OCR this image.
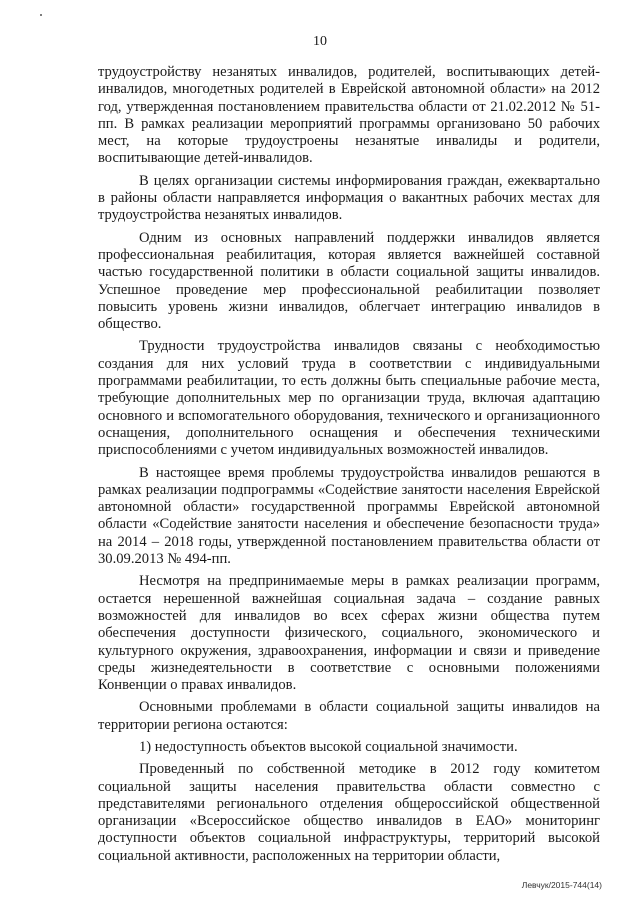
10

трудоустройству незанятых инвалидов, родителей, воспитывающих детей-инвалидов, многодетных родителей в Еврейской автономной области» на 2012 год, утвержденная постановлением правительства области от 21.02.2012 № 51-пп. В рамках реализации мероприятий программы организовано 50 рабочих мест, на которые трудоустроены незанятые инвалиды и родители, воспитывающие детей-инвалидов.

В целях организации системы информирования граждан, ежеквартально в районы области направляется информация о вакантных рабочих местах для трудоустройства незанятых инвалидов.

Одним из основных направлений поддержки инвалидов является профессиональная реабилитация, которая является важнейшей составной частью государственной политики в области социальной защиты инвалидов. Успешное проведение мер профессиональной реабилитации позволяет повысить уровень жизни инвалидов, облегчает интеграцию инвалидов в общество.

Трудности трудоустройства инвалидов связаны с необходимостью создания для них условий труда в соответствии с индивидуальными программами реабилитации, то есть должны быть специальные рабочие места, требующие дополнительных мер по организации труда, включая адаптацию основного и вспомогательного оборудования, технического и организационного оснащения, дополнительного оснащения и обеспечения техническими приспособлениями с учетом индивидуальных возможностей инвалидов.

В настоящее время проблемы трудоустройства инвалидов решаются в рамках реализации подпрограммы «Содействие занятости населения Еврейской автономной области» государственной программы Еврейской автономной области «Содействие занятости населения и обеспечение безопасности труда» на 2014 – 2018 годы, утвержденной постановлением правительства области от 30.09.2013 № 494-пп.

Несмотря на предпринимаемые меры в рамках реализации программ, остается нерешенной важнейшая социальная задача – создание равных возможностей для инвалидов во всех сферах жизни общества путем обеспечения доступности физического, социального, экономического и культурного окружения, здравоохранения, информации и связи и приведение среды жизнедеятельности в соответствие с основными положениями Конвенции о правах инвалидов.

Основными проблемами в области социальной защиты инвалидов на территории региона остаются:

1) недоступность объектов высокой социальной значимости.

Проведенный по собственной методике в 2012 году комитетом социальной защиты населения правительства области совместно с представителями регионального отделения общероссийской общественной организации «Всероссийское общество инвалидов в ЕАО» мониторинг доступности объектов социальной инфраструктуры, территорий высокой социальной активности, расположенных на территории области,

Левчук/2015-744(14)
